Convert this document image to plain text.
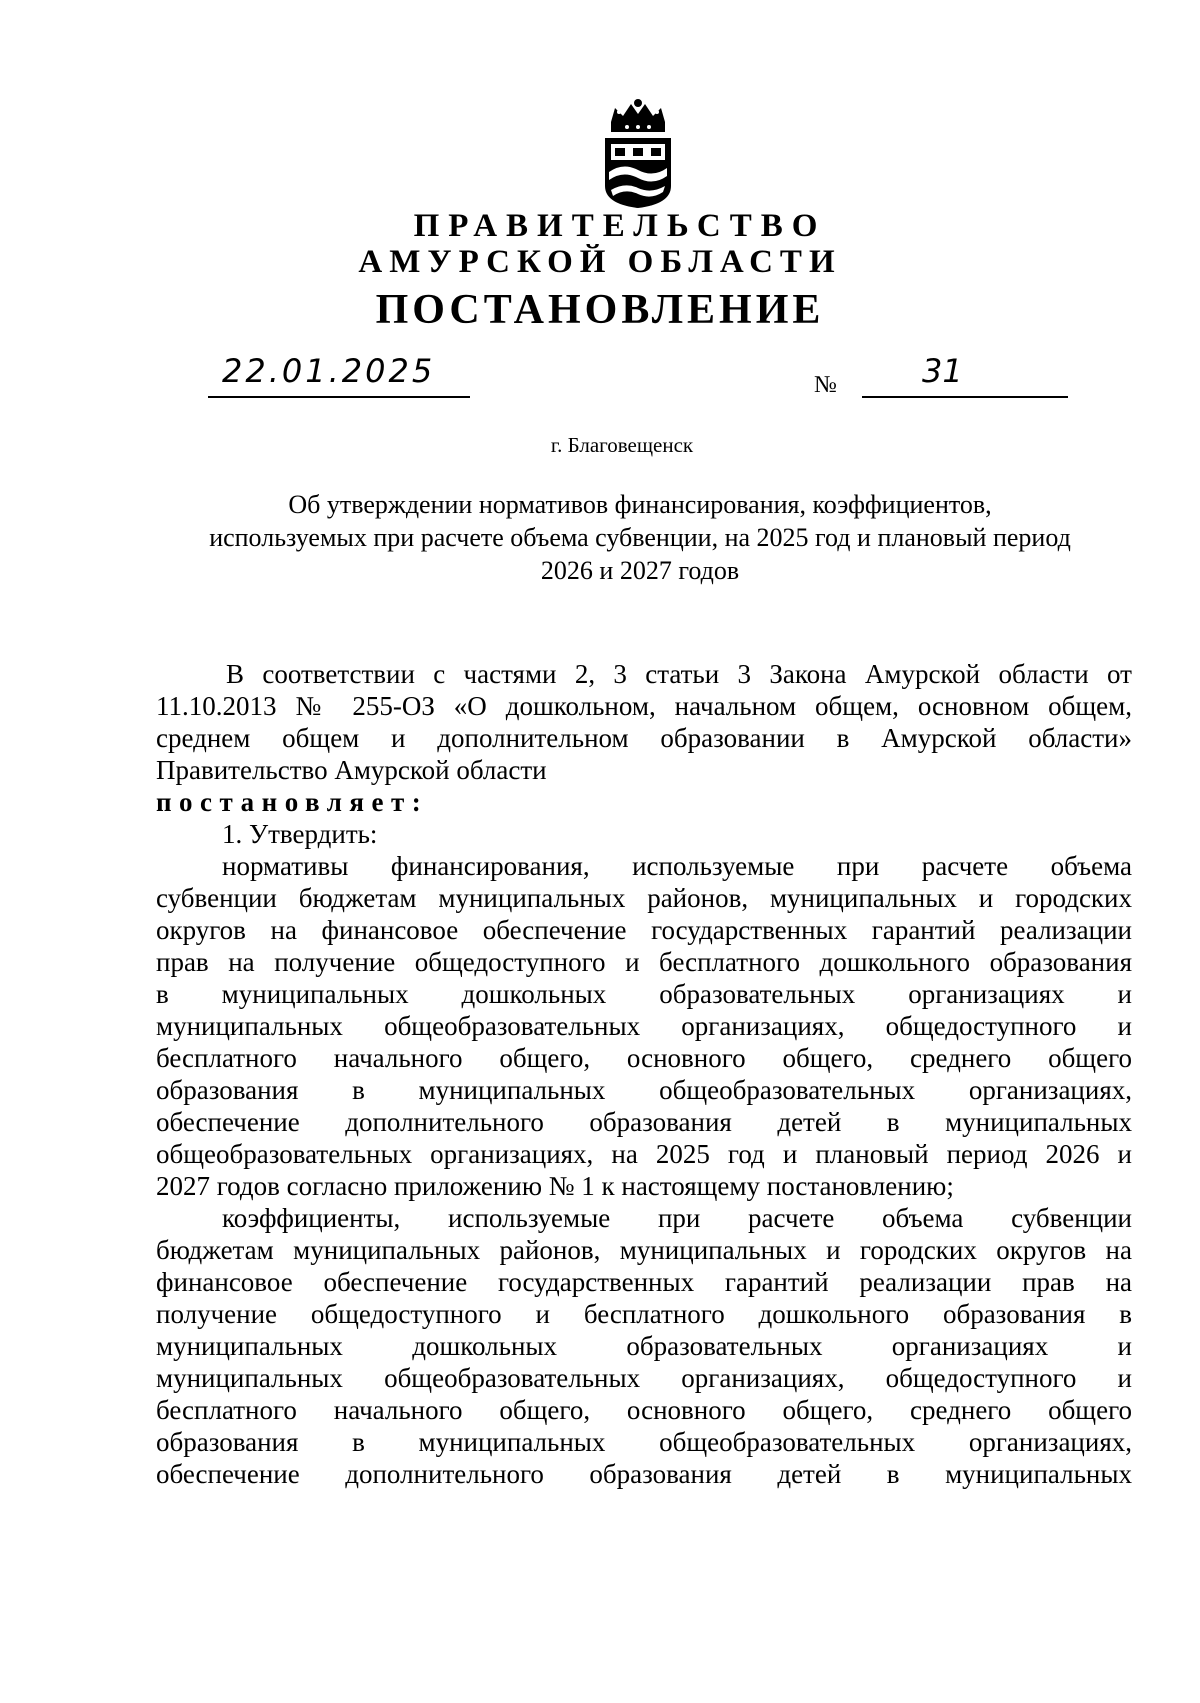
ПРАВИТЕЛЬСТВО
АМУРСКОЙ ОБЛАСТИ
ПОСТАНОВЛЕНИЕ
22.01.2025	№	31
г. Благовещенск
Об утверждении нормативов финансирования, коэффициентов,
используемых при расчете объема субвенции, на 2025 год и плановый период
2026 и 2027 годов
В соответствии с частями 2, 3 статьи 3 Закона Амурской области от
11.10.2013 № 255-ОЗ «О дошкольном, начальном общем, основном общем,
среднем общем и дополнительном образовании в Амурской области»
Правительство Амурской области
постановляет:
1. Утвердить:
нормативы финансирования, используемые при расчете объема
субвенции бюджетам муниципальных районов, муниципальных и городских
округов на финансовое обеспечение государственных гарантий реализации
прав на получение общедоступного и бесплатного дошкольного образования
в муниципальных дошкольных образовательных организациях и
муниципальных общеобразовательных организациях, общедоступного и
бесплатного начального общего, основного общего, среднего общего
образования в муниципальных общеобразовательных организациях,
обеспечение дополнительного образования детей в муниципальных
общеобразовательных организациях, на 2025 год и плановый период 2026 и
2027 годов согласно приложению № 1 к настоящему постановлению;
коэффициенты, используемые при расчете объема субвенции
бюджетам муниципальных районов, муниципальных и городских округов на
финансовое обеспечение государственных гарантий реализации прав на
получение общедоступного и бесплатного дошкольного образования в
муниципальных дошкольных образовательных организациях и
муниципальных общеобразовательных организациях, общедоступного и
бесплатного начального общего, основного общего, среднего общего
образования в муниципальных общеобразовательных организациях,
обеспечение дополнительного образования детей в муниципальных
